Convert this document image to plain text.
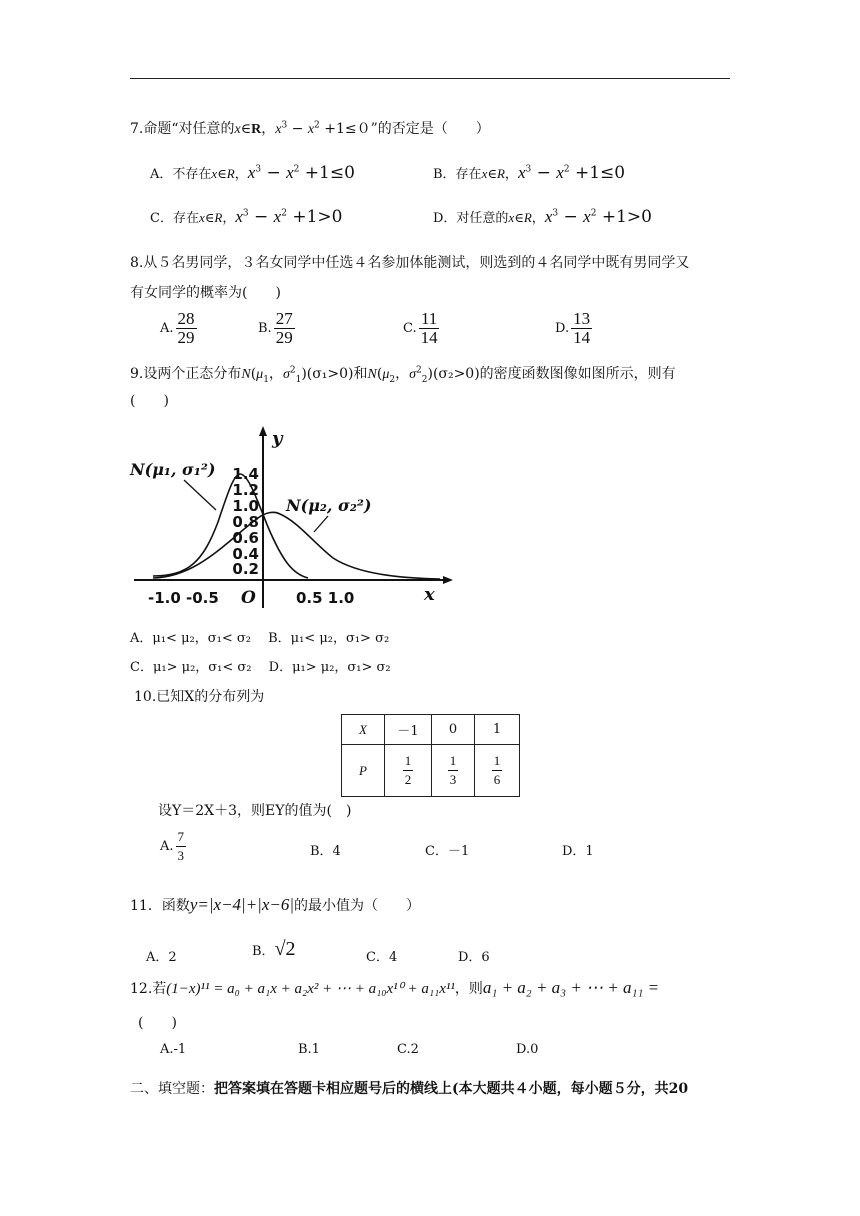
7.命题“对任意的x∈R，$x^3 - x^2 +1\le 0$”的否定是（　　）
A．不存在x∈R，$x^3 - x^2 +1\le 0$	B．存在x∈R，$x^3 - x^2 +1\le 0$
C．存在x∈R，$x^3 - x^2 +1>0$	D．对任意的x∈R，$x^3 - x^2 +1>0$
8.从５名男同学，３名女同学中任选４名参加体能测试，则选到的４名同学中既有男同学又
有女同学的概率为(　　)
A. $\frac{28}{29}$	B. $\frac{27}{29}$	C. $\frac{11}{14}$	D. $\frac{13}{14}$
9.设两个正态分布$N(\mu_1$，$\sigma^2_1)(\sigma_1>0)$和$N(\mu_2$，$\sigma^2_2)(\sigma_2>0)$的密度函数图像如图所示，则有
(　　)
1.4
1.2
1.0
0.8
0.6
0.4
0.2
-1.0 -0.5	0.5 1.0
O
y
x
N(μ₁, σ₁²)
N(μ₂, σ₂²)
A．μ₁< μ₂，σ₁< σ₂　 B．μ₁< μ₂，σ₁> σ₂
C．μ₁> μ₂，σ₁< σ₂　 D．μ₁> μ₂，σ₁> σ₂
10.已知X的分布列为
X	－1	0	1
P	$\frac{1}{2}$	$\frac{1}{3}$	$\frac{1}{6}$
设Y＝2X＋3，则EY的值为(　)
A. $\frac{7}{3}$	B．4	C．－1	D．1
11．函数y=|x−4|+|x−6|的最小值为（　　）
A．2	B．√2	C．4	D．6
12.若(1−x)¹¹ = a₀ + a₁x + a₂x² + ⋯ + a₁₀x¹⁰ + a₁₁x¹¹，则a₁ + a₂ + a₃ + ⋯ + a₁₁ =
(　　)
A.-1	B.1	C.2	D.0
二、填空题：把答案填在答题卡相应题号后的横线上(本大题共４小题，每小题５分，共20
